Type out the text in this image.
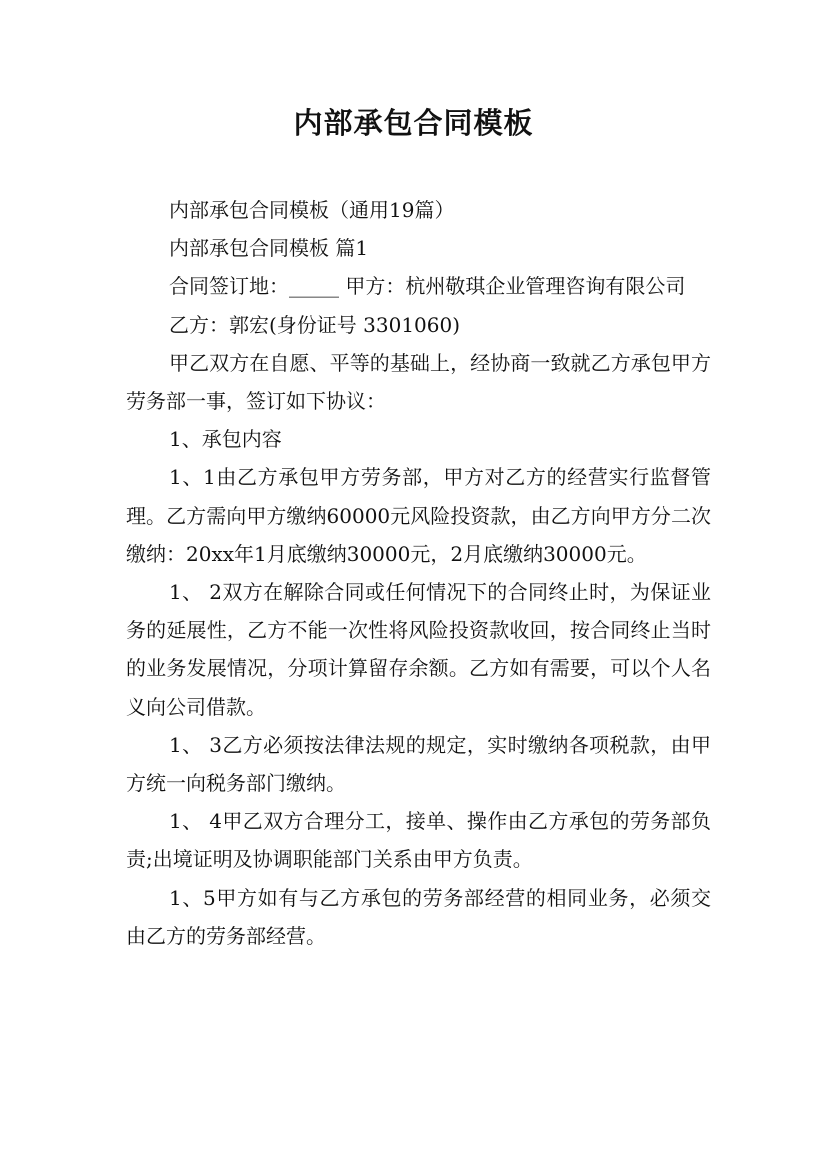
内部承包合同模板

内部承包合同模板（通用19篇）

内部承包合同模板 篇1

合同签订地：_____ 甲方：杭州敬琪企业管理咨询有限公司

乙方：郭宏(身份证号 3301060)

甲乙双方在自愿、平等的基础上，经协商一致就乙方承包甲方劳务部一事，签订如下协议：

1、承包内容

1、1由乙方承包甲方劳务部，甲方对乙方的经营实行监督管理。乙方需向甲方缴纳60000元风险投资款，由乙方向甲方分二次缴纳：20xx年1月底缴纳30000元，2月底缴纳30000元。

1、 2双方在解除合同或任何情况下的合同终止时，为保证业务的延展性，乙方不能一次性将风险投资款收回，按合同终止当时的业务发展情况，分项计算留存余额。乙方如有需要，可以个人名义向公司借款。

1、 3乙方必须按法律法规的规定，实时缴纳各项税款，由甲方统一向税务部门缴纳。

1、 4甲乙双方合理分工，接单、操作由乙方承包的劳务部负责;出境证明及协调职能部门关系由甲方负责。

1、5甲方如有与乙方承包的劳务部经营的相同业务，必须交由乙方的劳务部经营。
